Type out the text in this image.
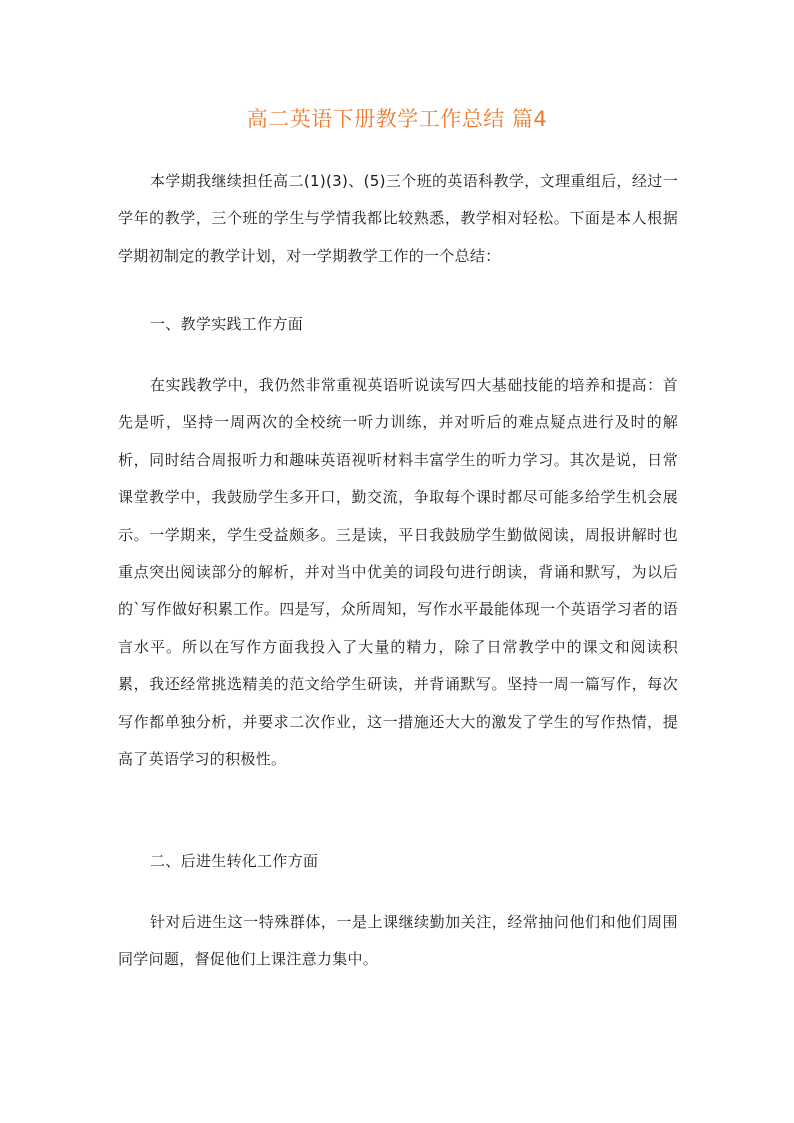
高二英语下册教学工作总结 篇4

本学期我继续担任高二(1)(3)、(5)三个班的英语科教学，文理重组后，经过一学年的教学，三个班的学生与学情我都比较熟悉，教学相对轻松。下面是本人根据学期初制定的教学计划，对一学期教学工作的一个总结：

一、教学实践工作方面

在实践教学中，我仍然非常重视英语听说读写四大基础技能的培养和提高：首先是听，坚持一周两次的全校统一听力训练，并对听后的难点疑点进行及时的解析，同时结合周报听力和趣味英语视听材料丰富学生的听力学习。其次是说，日常课堂教学中，我鼓励学生多开口，勤交流，争取每个课时都尽可能多给学生机会展示。一学期来，学生受益颇多。三是读，平日我鼓励学生勤做阅读，周报讲解时也重点突出阅读部分的解析，并对当中优美的词段句进行朗读，背诵和默写，为以后的`写作做好积累工作。四是写，众所周知，写作水平最能体现一个英语学习者的语言水平。所以在写作方面我投入了大量的精力，除了日常教学中的课文和阅读积累，我还经常挑选精美的范文给学生研读，并背诵默写。坚持一周一篇写作，每次写作都单独分析，并要求二次作业，这一措施还大大的激发了学生的写作热情，提高了英语学习的积极性。

二、后进生转化工作方面

针对后进生这一特殊群体，一是上课继续勤加关注，经常抽问他们和他们周围同学问题，督促他们上课注意力集中。
